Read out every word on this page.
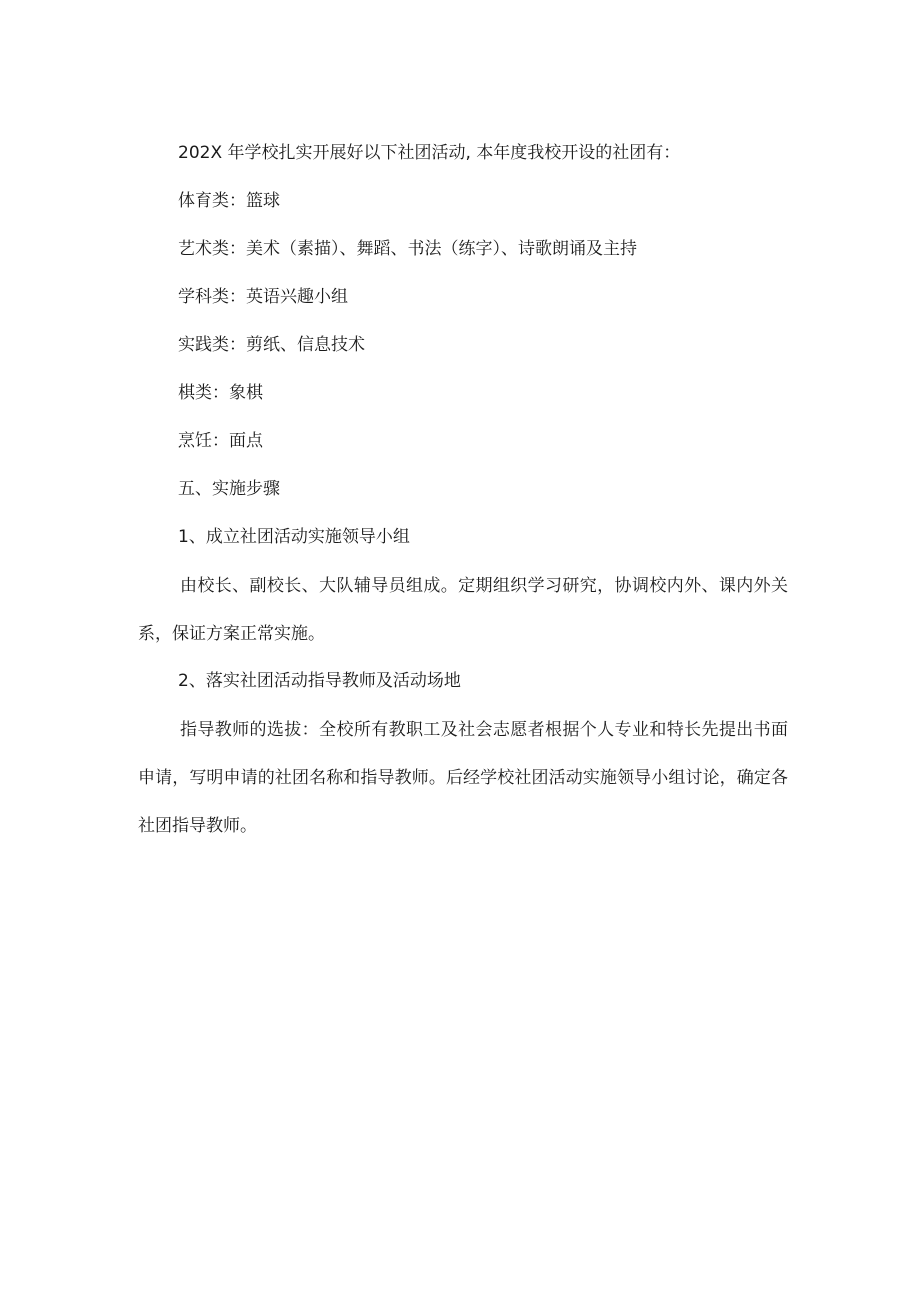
202X 年学校扎实开展好以下社团活动, 本年度我校开设的社团有：
体育类：篮球
艺术类：美术（素描）、舞蹈、书法（练字）、诗歌朗诵及主持
学科类：英语兴趣小组
实践类：剪纸、信息技术
棋类：象棋
烹饪：面点
五、实施步骤
1、成立社团活动实施领导小组
由校长、副校长、大队辅导员组成。定期组织学习研究，协调校内外、课内外关系，保证方案正常实施。
2、落实社团活动指导教师及活动场地
指导教师的选拔：全校所有教职工及社会志愿者根据个人专业和特长先提出书面申请，写明申请的社团名称和指导教师。后经学校社团活动实施领导小组讨论，确定各社团指导教师。
